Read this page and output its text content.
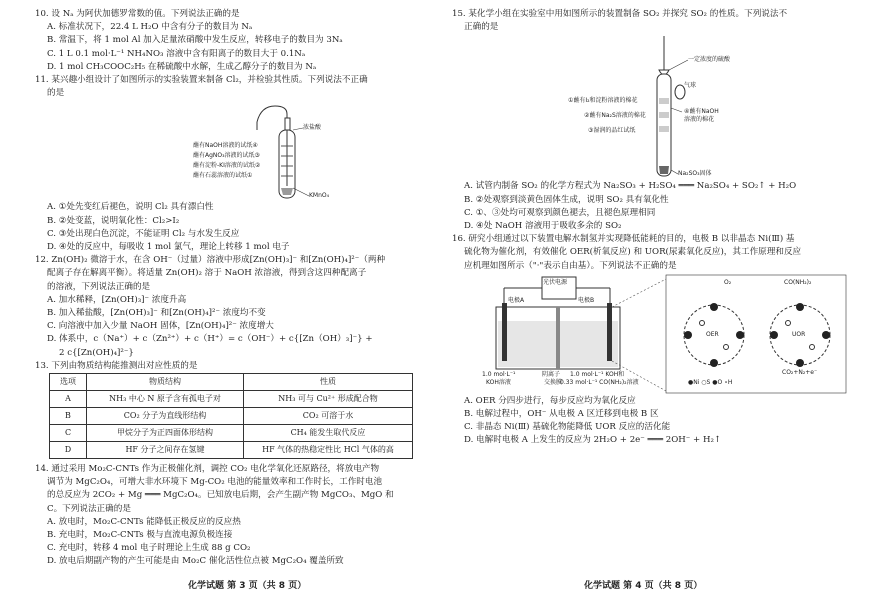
10. 设 Nₐ 为阿伏加德罗常数的值。下列说法正确的是
A. 标准状况下，22.4 L H₂O 中含有分子的数目为 Nₐ
B. 常温下，将 1 mol Al 加入足量浓硝酸中发生反应，转移电子的数目为 3Nₐ
C. 1 L 0.1 mol·L⁻¹ NH₄NO₃ 溶液中含有阳离子的数目大于 0.1Nₐ
D. 1 mol CH₃COOC₂H₅ 在稀硫酸中水解，生成乙醇分子的数目为 Nₐ
11. 某兴趣小组设计了如图所示的实验装置来制备 Cl₂，并检验其性质。下列说法不正确
的是
浓盐酸
蘸有NaOH溶液的试纸④
蘸有AgNO₃溶液的试纸③
蘸有淀粉-KI溶液的试纸②
蘸有石蕊溶液的试纸①
KMnO₄
A. ①处先变红后褪色，说明 Cl₂ 具有漂白性
B. ②处变蓝，说明氧化性：Cl₂>I₂
C. ③处出现白色沉淀，不能证明 Cl₂ 与水发生反应
D. ④处的反应中，每吸收 1 mol 氯气，理论上转移 1 mol 电子
12. Zn(OH)₂ 微溶于水，在含 OH⁻（过量）溶液中形成[Zn(OH)₃]⁻ 和[Zn(OH)₄]²⁻（两种
配离子存在解离平衡）。将适量 Zn(OH)₂ 溶于 NaOH 浓溶液，得到含这四种配离子
的溶液，下列说法正确的是
A. 加水稀释，[Zn(OH)₃]⁻ 浓度升高
B. 加入稀盐酸，[Zn(OH)₃]⁻ 和[Zn(OH)₄]²⁻ 浓度均不变
C. 向溶液中加入少量 NaOH 固体，[Zn(OH)₄]²⁻ 浓度增大
D. 体系中，c（Na⁺）+ c（Zn²⁺）+ c（H⁺）= c（OH⁻）+ c{[Zn（OH）₃]⁻} +
2 c{[Zn(OH)₄]²⁻}
13. 下列由物质结构能推测出对应性质的是
选项	物质结构	性质
A	NH₃ 中心 N 原子含有孤电子对	NH₃ 可与 Cu²⁺ 形成配合物
B	CO₂ 分子为直线形结构	CO₂ 可溶于水
C	甲烷分子为正四面体形结构	CH₄ 能发生取代反应
D	HF 分子之间存在氢键	HF 气体的热稳定性比 HCl 气体的高
14. 通过采用 Mo₂C-CNTs 作为正极催化剂，调控 CO₂ 电化学氧化还原路径，将放电产物
调节为 MgC₂O₄，可增大非水环境下 Mg-CO₂ 电池的能量效率和工作时长，工作时电池
的总反应为 2CO₂ + Mg ═══ MgC₂O₄。已知放电后期，会产生副产物 MgCO₃、MgO 和
C。下列说法正确的是
A. 放电时，Mo₂C-CNTs 能降低正极反应的反应热
B. 充电时，Mo₂C-CNTs 极与直流电源负极连接
C. 充电时，转移 4 mol 电子时理论上生成 88 g CO₂
D. 放电后期副产物的产生可能是由 Mo₂C 催化活性位点被 MgC₂O₄ 覆盖所致
15. 某化学小组在实验室中用如图所示的装置制备 SO₂ 并探究 SO₂ 的性质。下列说法不
正确的是
一定浓度的硫酸
气球
①蘸有I₂和淀粉溶液的棉花
②蘸有Na₂S溶液的棉花
③湿润的品红试纸
④蘸有NaOH
溶液的棉花
Na₂SO₃固体
A. 试管内制备 SO₂ 的化学方程式为 Na₂SO₃ + H₂SO₄ ═══ Na₂SO₄ + SO₂↑ + H₂O
B. ②处观察到淡黄色固体生成，说明 SO₂ 具有氧化性
C. ①、③处均可观察到颜色褪去，且褪色原理相同
D. ④处 NaOH 溶液用于吸收多余的 SO₂
16. 研究小组通过以下装置电解水制氢并实现降低能耗的目的，电极 B 以非晶态 Ni(Ⅲ) 基
硫化物为催化剂，有效催化 OER(析氧反应) 和 UOR(尿素氧化反应)，其工作原理和反应
应机理如图所示（"·"表示自由基）。下列说法不正确的是
光伏电源
电极A	电极B
1.0 mol·L⁻¹
KOH溶液
阴离子
交换膜
1.0 mol·L⁻¹ KOH和
0.33 mol·L⁻¹ CO(NH₂)₂溶液
OER	UOR
O₂	CO(NH₂)₂
CO₂+N₂+e⁻
●Ni ○S ●O ∘H
A. OER 分四步进行，每步反应均为氧化反应
B. 电解过程中，OH⁻ 从电极 A 区迁移到电极 B 区
C. 非晶态 Ni(Ⅲ) 基硫化物能降低 UOR 反应的活化能
D. 电解时电极 A 上发生的反应为 2H₂O + 2e⁻ ═══ 2OH⁻ + H₂↑
化学试题 第 3 页（共 8 页）	化学试题 第 4 页（共 8 页）
